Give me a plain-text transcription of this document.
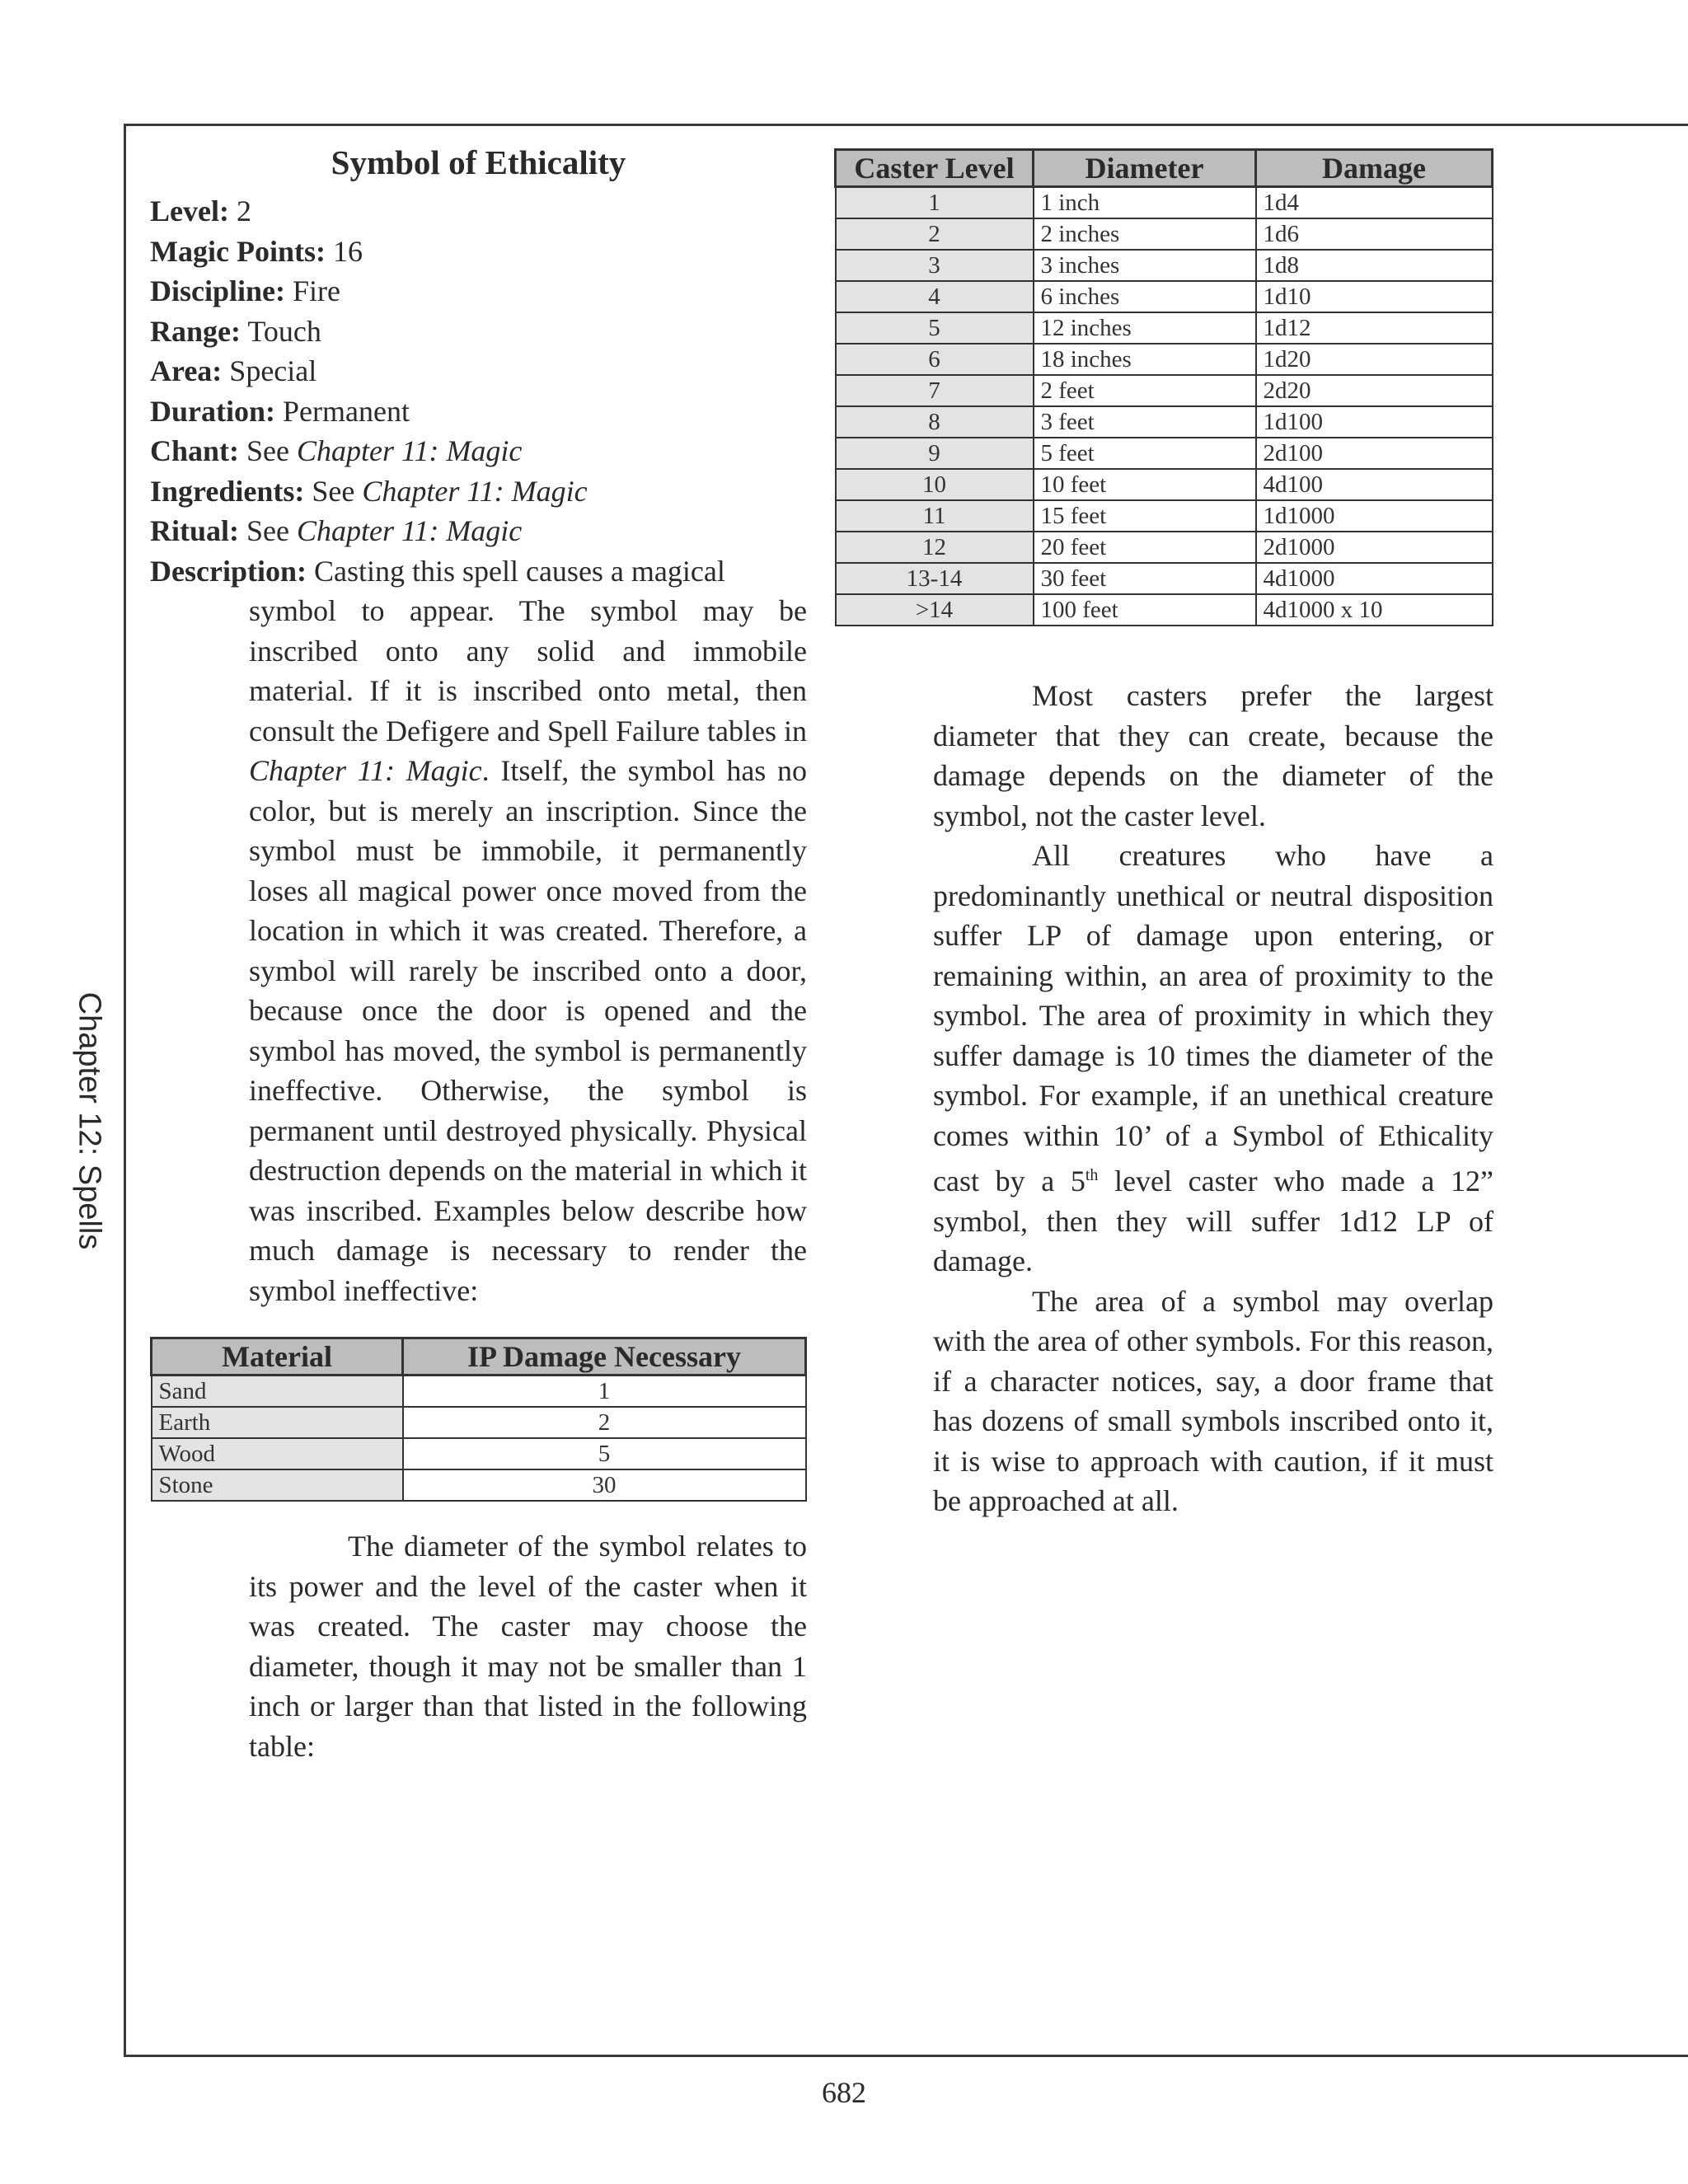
Chapter 12: Spells
Symbol of Ethicality
Level: 2
Magic Points: 16
Discipline: Fire
Range: Touch
Area: Special
Duration: Permanent
Chant: See Chapter 11: Magic
Ingredients: See Chapter 11: Magic
Ritual: See Chapter 11: Magic
Description: Casting this spell causes a magical
symbol to appear. The symbol may be inscribed onto any solid and immobile material. If it is inscribed onto metal, then consult the Defigere and Spell Failure tables in Chapter 11: Magic. Itself, the symbol has no color, but is merely an inscription. Since the symbol must be immobile, it permanently loses all magical power once moved from the location in which it was created. Therefore, a symbol will rarely be inscribed onto a door, because once the door is opened and the symbol has moved, the symbol is permanently ineffective. Otherwise, the symbol is permanent until destroyed physically. Physical destruction depends on the material in which it was inscribed. Examples below describe how much damage is necessary to render the symbol ineffective:
Material	IP Damage Necessary
Sand	1
Earth	2
Wood	5
Stone	30

The diameter of the symbol relates to its power and the level of the caster when it was created. The caster may choose the diameter, though it may not be smaller than 1 inch or larger than that listed in the following table:

Caster Level	Diameter	Damage
1	1 inch	1d4
2	2 inches	1d6
3	3 inches	1d8
4	6 inches	1d10
5	12 inches	1d12
6	18 inches	1d20
7	2 feet	2d20
8	3 feet	1d100
9	5 feet	2d100
10	10 feet	4d100
11	15 feet	1d1000
12	20 feet	2d1000
13-14	30 feet	4d1000
>14	100 feet	4d1000 x 10

Most casters prefer the largest diameter that they can create, because the damage depends on the diameter of the symbol, not the caster level.

All creatures who have a predominantly unethical or neutral disposition suffer LP of damage upon entering, or remaining within, an area of proximity to the symbol. The area of proximity in which they suffer damage is 10 times the diameter of the symbol. For example, if an unethical creature comes within 10’ of a Symbol of Ethicality cast by a 5th level caster who made a 12” symbol, then they will suffer 1d12 LP of damage.

The area of a symbol may overlap with the area of other symbols. For this reason, if a character notices, say, a door frame that has dozens of small symbols inscribed onto it, it is wise to approach with caution, if it must be approached at all.

682
